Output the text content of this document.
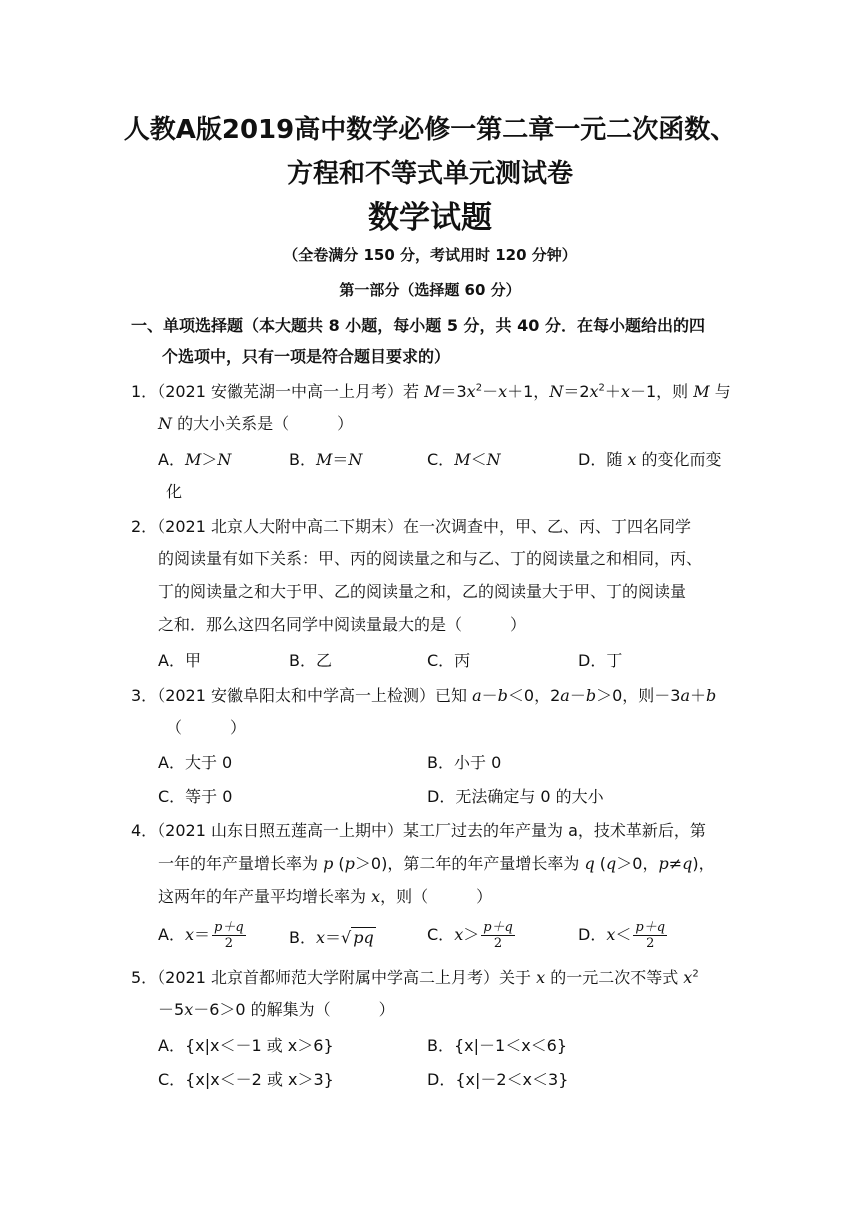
人教A版2019高中数学必修一第二章一元二次函数、
方程和不等式单元测试卷
数学试题
（全卷满分 150 分，考试用时 120 分钟）
第一部分（选择题 60 分）
一、单项选择题（本大题共 8 小题，每小题 5 分，共 40 分．在每小题给出的四
个选项中，只有一项是符合题目要求的）
1．（2021 安徽芜湖一中高一上月考）若 $M=3x^2-x+1$，$N=2x^2+x-1$，则 M 与
N 的大小关系是（　　　）
A．M＞N	B．M＝N	C．M＜N	D．随 x 的变化而变
化
2．（2021 北京人大附中高二下期末）在一次调查中，甲、乙、丙、丁四名同学
的阅读量有如下关系：甲、丙的阅读量之和与乙、丁的阅读量之和相同，丙、
丁的阅读量之和大于甲、乙的阅读量之和，乙的阅读量大于甲、丁的阅读量
之和．那么这四名同学中阅读量最大的是（　　　）
A．甲	B．乙	C．丙	D．丁
3．（2021 安徽阜阳太和中学高一上检测）已知 a－b＜0，2a－b＞0，则－3a＋b
（　　　）
A．大于 0	B．小于 0
C．等于 0	D．无法确定与 0 的大小
4．（2021 山东日照五莲高一上期中）某工厂过去的年产量为 a，技术革新后，第
一年的年产量增长率为 p (p＞0)，第二年的年产量增长率为 q (q＞0，p≠q)，
这两年的年产量平均增长率为 x，则（　　　）
A．$x= \frac{p+q}{2}$	B．x＝√ pq	C．$x> \frac{p+q}{2}$	D．$x< \frac{p+q}{2}$
5．（2021 北京首都师范大学附属中学高二上月考）关于 x 的一元二次不等式 $x^2$
－5x－6＞0 的解集为（　　　）
A．{x|x＜－1 或 x＞6}	B．{x|－1＜x＜6}
C．{x|x＜－2 或 x＞3}	D．{x|－2＜x＜3}
